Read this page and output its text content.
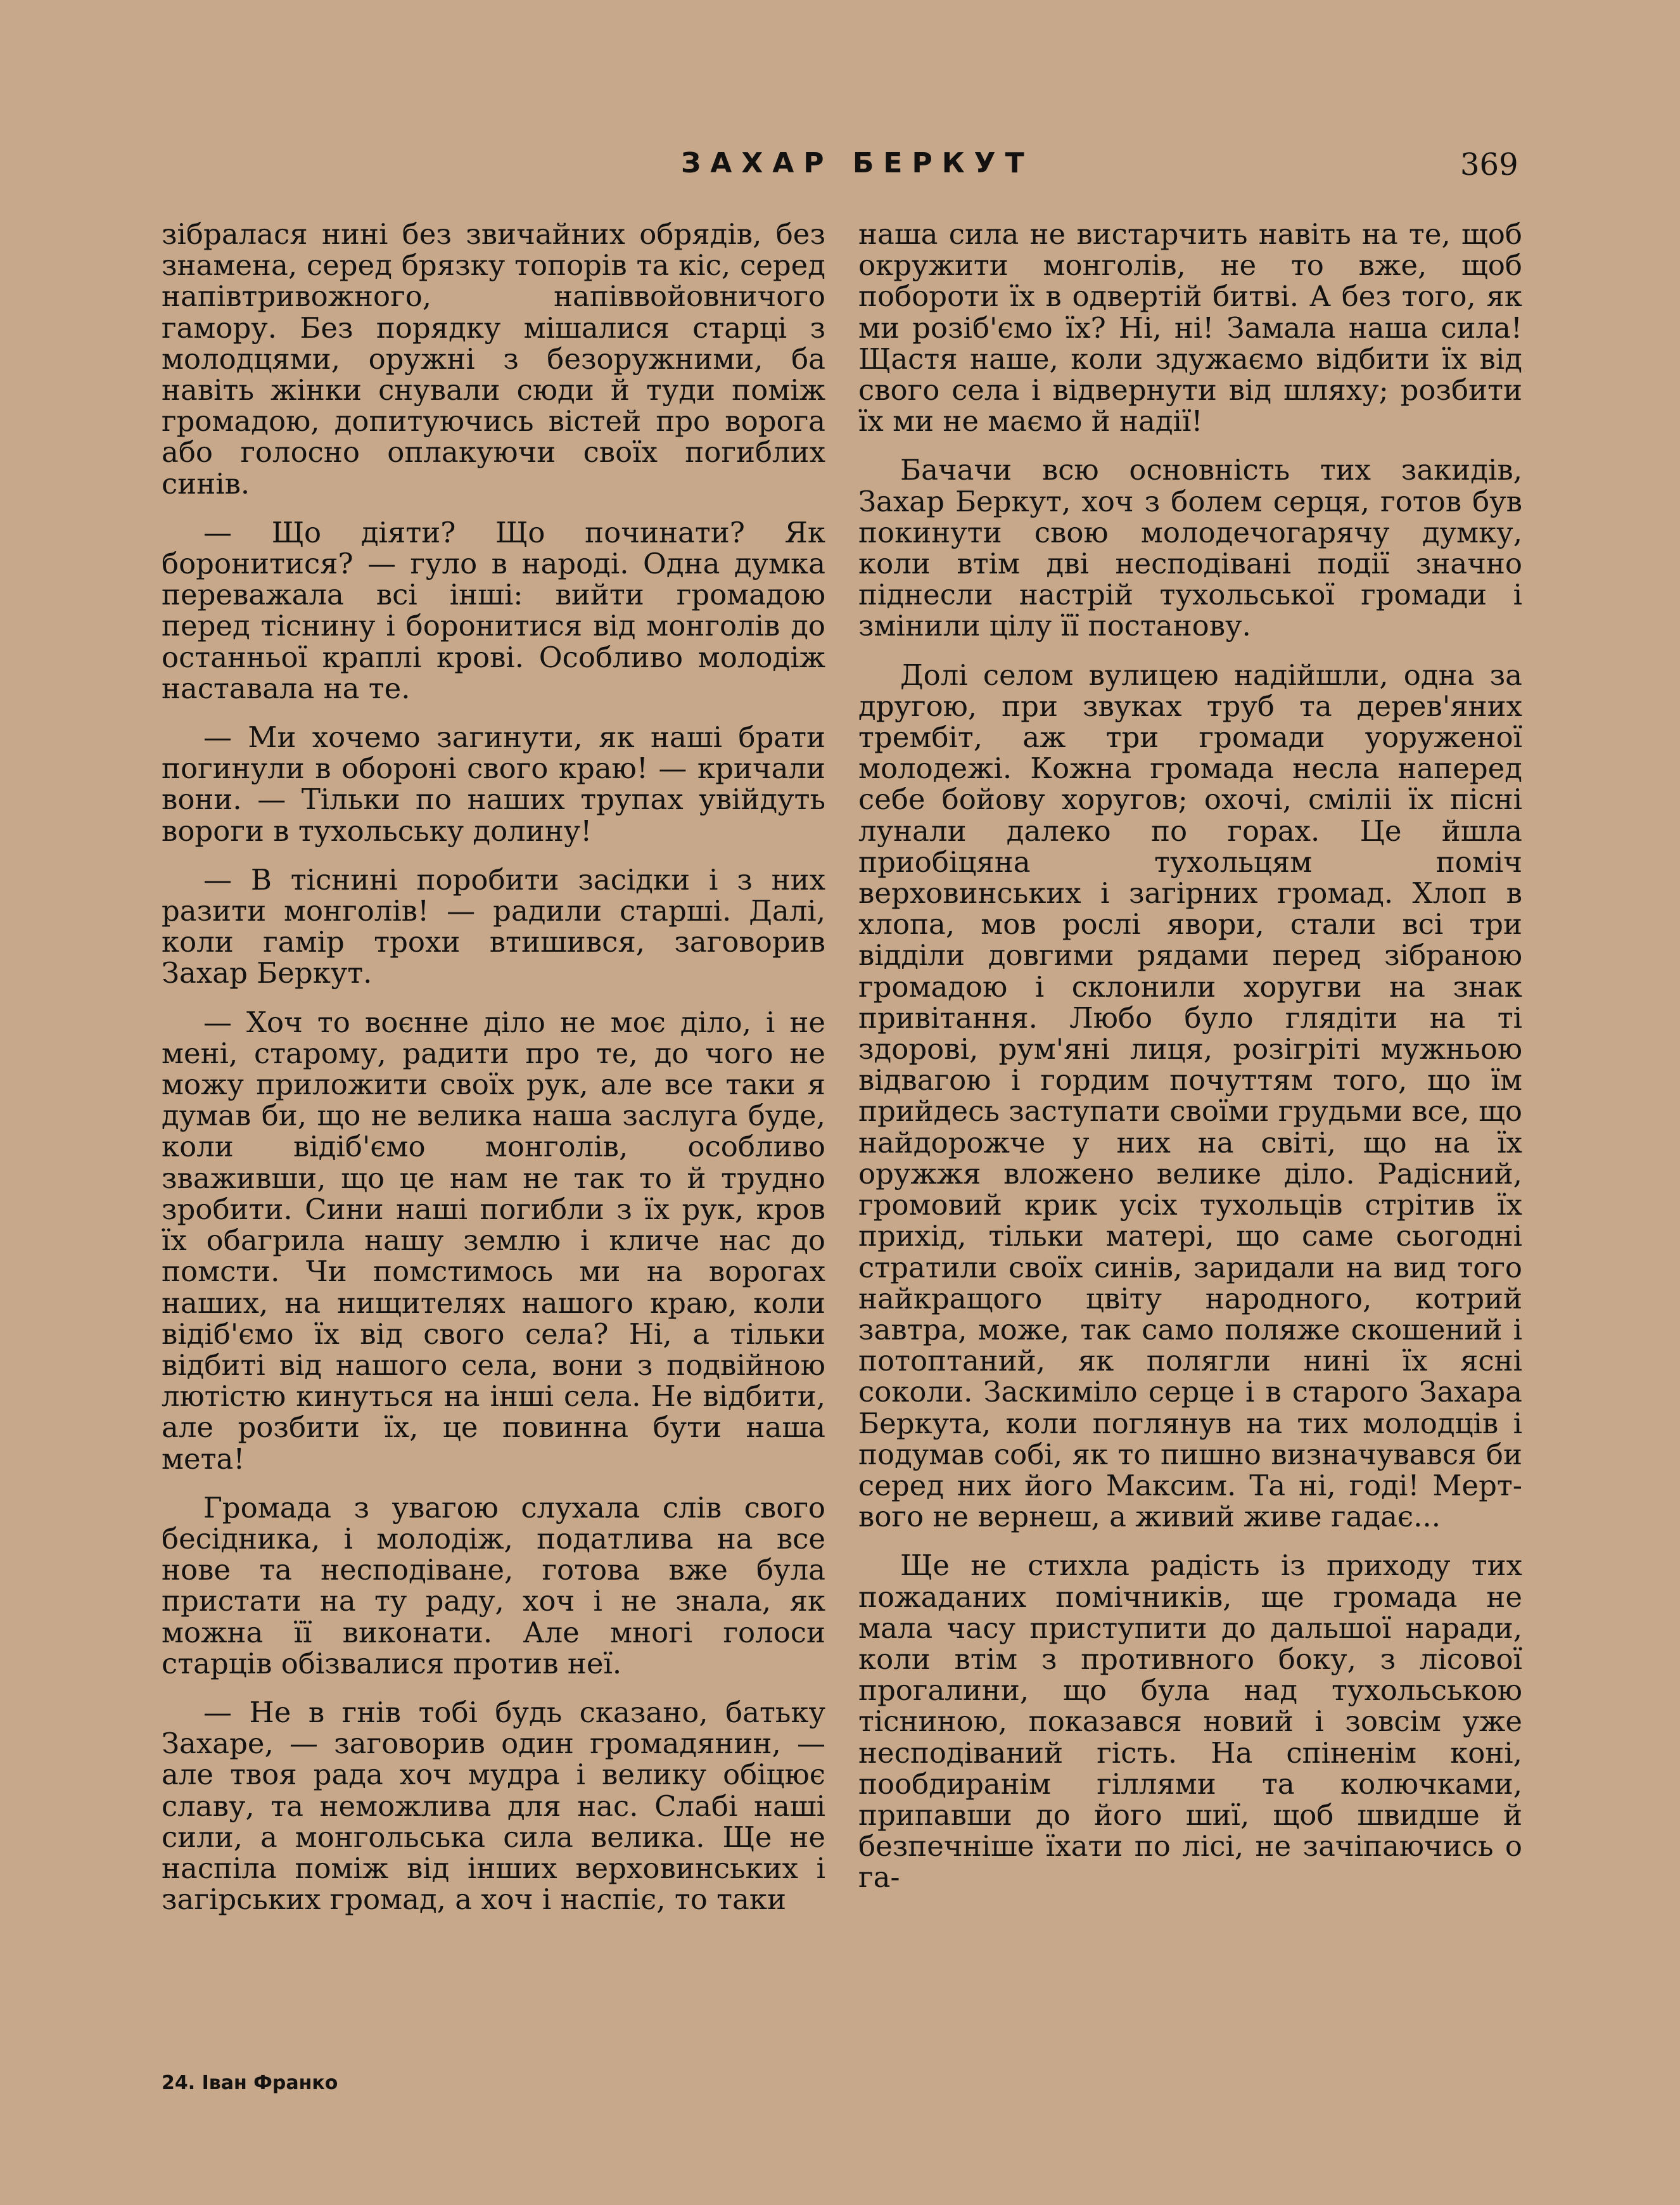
ЗАХАР БЕРКУТ	369

зібралася нині без звичайних обрядів, без знамена, серед брязку топорів та кіс, серед напівтривожного, напіввойовничого гамору. Без порядку мішалися старці з молодцями, оружні з безоружними, ба навіть жінки снували сюди й туди поміж громадою, допитуючись вістей про ворога або голосно оплакуючи своїх погиблих синів.

— Що діяти? Що починати? Як боронитися? — гуло в народі. Одна думка переважала всі інші: вийти громадою перед тіснину і боронитися від монголів до останньої краплі крові. Особливо молодіж наставала на те.

— Ми хочемо загинути, як наші брати погинули в обороні свого краю! — кричали вони. — Тільки по наших трупах увійдуть вороги в тухольську долину!

— В тіснині поробити засідки і з них разити монголів! — радили старші. Далі, коли гамір трохи втишився, заговорив Захар Беркут.

— Хоч то воєнне діло не моє діло, і не мені, старому, радити про те, до чого не можу приложити своїх рук, але все таки я думав би, що не велика наша заслуга буде, коли відіб'ємо монголів, особливо зваживши, що це нам не так то й трудно зробити. Сини наші погибли з їх рук, кров їх обагрила нашу землю і кличе нас до помсти. Чи помстимось ми на ворогах наших, на нищителях нашого краю, коли відіб'ємо їх від свого села? Ні, а тільки відбиті від нашого села, вони з подвійною лютістю кинуться на інші села. Не відбити, але розбити їх, це повинна бути наша мета!

Громада з увагою слухала слів свого бесідника, і молодіж, податлива на все нове та несподіване, готова вже була пристати на ту раду, хоч і не знала, як можна її виконати. Але многі голоси старців обізвалися против неї.

— Не в гнів тобі будь сказано, батьку Захаре, — заговорив один громадянин, — але твоя рада хоч мудра і велику обіцює славу, та неможлива для нас. Слабі наші сили, а монгольська сила велика. Ще не наспіла поміж від інших верховинських і загірських громад, а хоч і наспіє, то таки

наша сила не вистарчить навіть на те, щоб окружити монголів, не то вже, щоб побороти їх в одвертій битві. А без того, як ми розіб'ємо їх? Ні, ні! Замала наша сила! Щастя наше, коли здужаємо відбити їх від свого села і відвернути від шляху; розбити їх ми не маємо й надії!

Бачачи всю основність тих закидів, Захар Беркут, хоч з болем серця, готов був покинути свою молодечогарячу думку, коли втім дві несподівані події значно піднесли настрій тухольської громади і змінили цілу її постанову.

Долі селом вулицею надійшли, одна за другою, при звуках труб та дерев'яних трембіт, аж три громади уоруженої молодежі. Кожна громада несла наперед себе бойову хоругов; охочі, сміліі їх пісні лунали далеко по горах. Це йшла приобіцяна тухольцям поміч верховинських і загірних громад. Хлоп в хлопа, мов рослі явори, стали всі три відділи довгими рядами перед зібраною громадою і склонили хоругви на знак привітання. Любо було глядіти на ті здорові, рум'яні лиця, розігріті мужньою відвагою і гордим почуттям того, що їм прийдесь заступати своїми грудьми все, що найдорожче у них на світі, що на їх оружжя вложено велике діло. Радісний, громовий крик усіх тухольців стрітив їх прихід, тільки матері, що саме сьогодні стратили своїх синів, заридали на вид того найкращого цвіту народного, котрий завтра, може, так само поляже скошений і потоптаний, як полягли нині їх ясні соколи. Заскиміло серце і в старого Захара Беркута, коли поглянув на тих молодців і подумав собі, як то пишно визначувався би серед них його Максим. Та ні, годі! Мертвого не вернеш, а живий живе гадає...

Ще не стихла радість із приходу тих пожаданих помічників, ще громада не мала часу приступити до дальшої наради, коли втім з противного боку, з лісової прогалини, що була над тухольською тісниною, показався новий і зовсім уже несподіваний гість. На спіненім коні, пообдиранім гіллями та колючками, припавши до його шиї, щоб швидше й безпечніше їхати по лісі, не зачіпаючись о га-

24. Іван Франко
